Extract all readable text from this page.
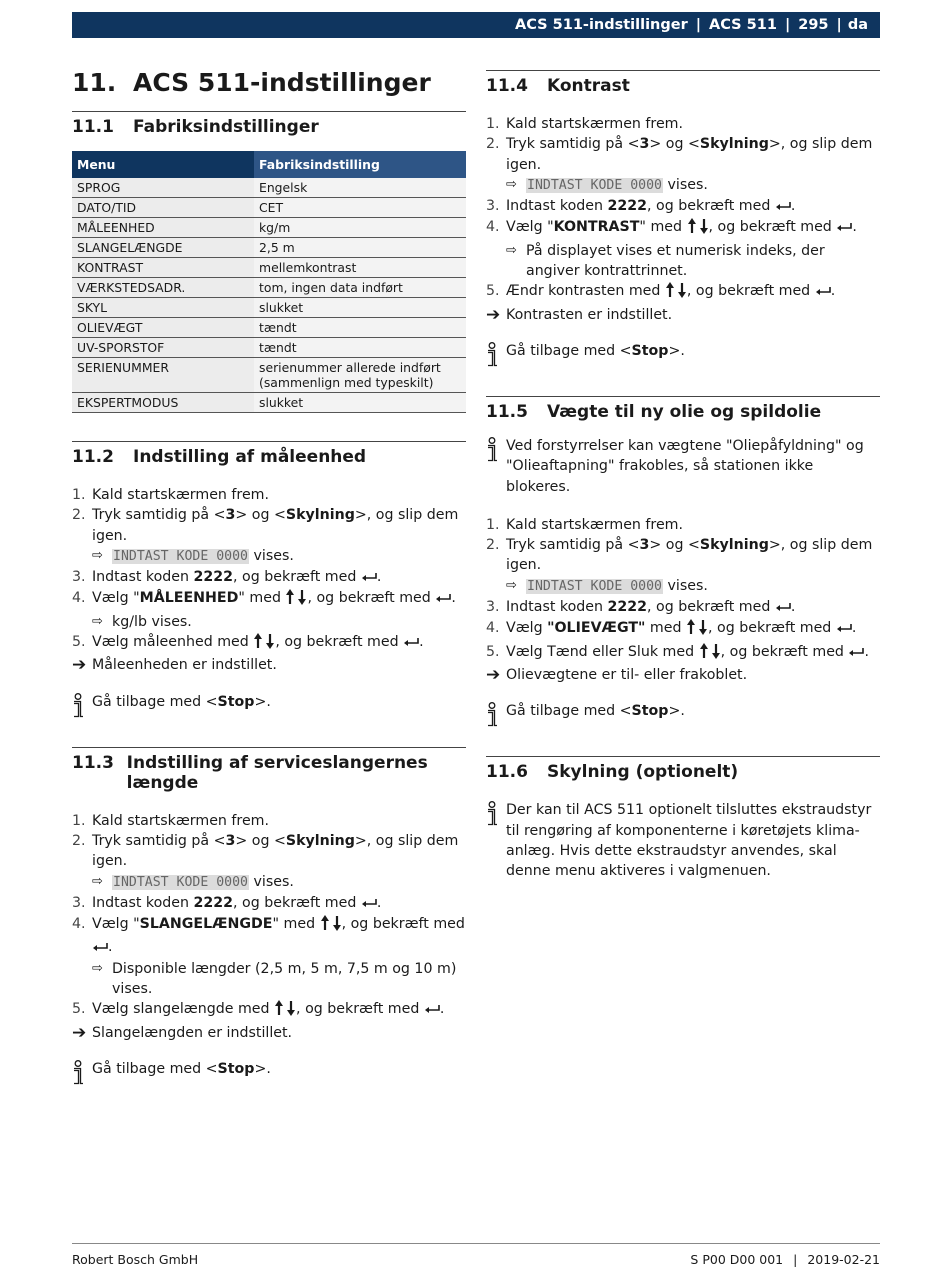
ACS 511-indstillinger | ACS 511 | 295 | da
11. ACS 511-indstillinger
11.1	Fabriksindstillinger
Menu	Fabriksindstilling
SPROG	Engelsk
DATO/TID	CET
MÅLEENHED	kg/m
SLANGELÆNGDE	2,5 m
KONTRAST	mellemkontrast
VÆRKSTEDSADR.	tom, ingen data indført
SKYL	slukket
OLIEVÆGT	tændt
UV-SPORSTOF	tændt
SERIENUMMER	serienummer allerede indført (sammenlign med typeskilt)
EKSPERTMODUS	slukket
11.2	Indstilling af måleenhed
1. Kald startskærmen frem.
2. Tryk samtidig på <3> og <Skylning>, og slip dem igen.
⇨ INDTAST KODE 0000 vises.
3. Indtast koden 2222, og bekræft med .
4. Vælg "MÅLEENHED" med , og bekræft med .
⇨ kg/lb vises.
5. Vælg måleenhed med , og bekræft med .
➔ Måleenheden er indstillet.
Gå tilbage med <Stop>.
11.3 Indstilling af serviceslangernes længde
1. Kald startskærmen frem.
2. Tryk samtidig på <3> og <Skylning>, og slip dem igen.
⇨ INDTAST KODE 0000 vises.
3. Indtast koden 2222, og bekræft med .
4. Vælg "SLANGELÆNGDE" med , og bekræft med .
⇨ Disponible længder (2,5 m, 5 m, 7,5 m og 10 m) vises.
5. Vælg slangelængde med , og bekræft med .
➔ Slangelængden er indstillet.
Gå tilbage med <Stop>.
11.4	Kontrast
1. Kald startskærmen frem.
2. Tryk samtidig på <3> og <Skylning>, og slip dem igen.
⇨ INDTAST KODE 0000 vises.
3. Indtast koden 2222, og bekræft med .
4. Vælg "KONTRAST" med , og bekræft med .
⇨ På displayet vises et numerisk indeks, der angiver kontrattrinnet.
5. Ændr kontrasten med , og bekræft med .
➔ Kontrasten er indstillet.
Gå tilbage med <Stop>.
11.5	Vægte til ny olie og spildolie
Ved forstyrrelser kan vægtene "Oliepåfyldning" og "Olieaftapning" frakobles, så stationen ikke blokeres.
1. Kald startskærmen frem.
2. Tryk samtidig på <3> og <Skylning>, og slip dem igen.
⇨ INDTAST KODE 0000 vises.
3. Indtast koden 2222, og bekræft med .
4. Vælg "OLIEVÆGT" med , og bekræft med .
5. Vælg Tænd eller Sluk med , og bekræft med .
➔ Olievægtene er til- eller frakoblet.
Gå tilbage med <Stop>.
11.6	Skylning (optionelt)
Der kan til ACS 511 optionelt tilsluttes ekstraudstyr til rengøring af komponenterne i køretøjets klima-anlæg. Hvis dette ekstraudstyr anvendes, skal denne menu aktiveres i valgmenuen.
Robert Bosch GmbH	S P00 D00 001 | 2019-02-21
